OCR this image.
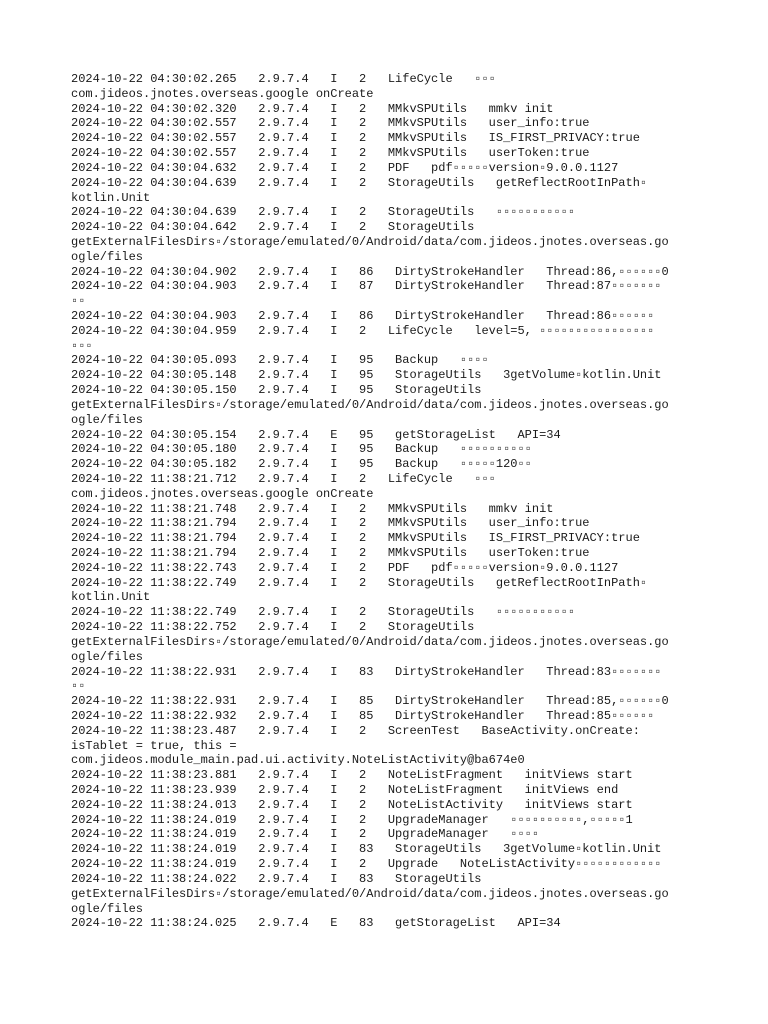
2024-10-22 04:30:02.265   2.9.7.4   I   2   LifeCycle   ▫▫▫
com.jideos.jnotes.overseas.google onCreate
2024-10-22 04:30:02.320   2.9.7.4   I   2   MMkvSPUtils   mmkv init
2024-10-22 04:30:02.557   2.9.7.4   I   2   MMkvSPUtils   user_info:true
2024-10-22 04:30:02.557   2.9.7.4   I   2   MMkvSPUtils   IS_FIRST_PRIVACY:true
2024-10-22 04:30:02.557   2.9.7.4   I   2   MMkvSPUtils   userToken:true
2024-10-22 04:30:04.632   2.9.7.4   I   2   PDF   pdf▫▫▫▫▫version▫9.0.0.1127
2024-10-22 04:30:04.639   2.9.7.4   I   2   StorageUtils   getReflectRootInPath▫
kotlin.Unit
2024-10-22 04:30:04.639   2.9.7.4   I   2   StorageUtils   ▫▫▫▫▫▫▫▫▫▫▫
2024-10-22 04:30:04.642   2.9.7.4   I   2   StorageUtils
getExternalFilesDirs▫/storage/emulated/0/Android/data/com.jideos.jnotes.overseas.go
ogle/files
2024-10-22 04:30:04.902   2.9.7.4   I   86   DirtyStrokeHandler   Thread:86,▫▫▫▫▫▫0
2024-10-22 04:30:04.903   2.9.7.4   I   87   DirtyStrokeHandler   Thread:87▫▫▫▫▫▫▫
▫▫
2024-10-22 04:30:04.903   2.9.7.4   I   86   DirtyStrokeHandler   Thread:86▫▫▫▫▫▫
2024-10-22 04:30:04.959   2.9.7.4   I   2   LifeCycle   level=5, ▫▫▫▫▫▫▫▫▫▫▫▫▫▫▫▫
▫▫▫
2024-10-22 04:30:05.093   2.9.7.4   I   95   Backup   ▫▫▫▫
2024-10-22 04:30:05.148   2.9.7.4   I   95   StorageUtils   3getVolume▫kotlin.Unit
2024-10-22 04:30:05.150   2.9.7.4   I   95   StorageUtils
getExternalFilesDirs▫/storage/emulated/0/Android/data/com.jideos.jnotes.overseas.go
ogle/files
2024-10-22 04:30:05.154   2.9.7.4   E   95   getStorageList   API=34
2024-10-22 04:30:05.180   2.9.7.4   I   95   Backup   ▫▫▫▫▫▫▫▫▫▫
2024-10-22 04:30:05.182   2.9.7.4   I   95   Backup   ▫▫▫▫▫120▫▫
2024-10-22 11:38:21.712   2.9.7.4   I   2   LifeCycle   ▫▫▫
com.jideos.jnotes.overseas.google onCreate
2024-10-22 11:38:21.748   2.9.7.4   I   2   MMkvSPUtils   mmkv init
2024-10-22 11:38:21.794   2.9.7.4   I   2   MMkvSPUtils   user_info:true
2024-10-22 11:38:21.794   2.9.7.4   I   2   MMkvSPUtils   IS_FIRST_PRIVACY:true
2024-10-22 11:38:21.794   2.9.7.4   I   2   MMkvSPUtils   userToken:true
2024-10-22 11:38:22.743   2.9.7.4   I   2   PDF   pdf▫▫▫▫▫version▫9.0.0.1127
2024-10-22 11:38:22.749   2.9.7.4   I   2   StorageUtils   getReflectRootInPath▫
kotlin.Unit
2024-10-22 11:38:22.749   2.9.7.4   I   2   StorageUtils   ▫▫▫▫▫▫▫▫▫▫▫
2024-10-22 11:38:22.752   2.9.7.4   I   2   StorageUtils
getExternalFilesDirs▫/storage/emulated/0/Android/data/com.jideos.jnotes.overseas.go
ogle/files
2024-10-22 11:38:22.931   2.9.7.4   I   83   DirtyStrokeHandler   Thread:83▫▫▫▫▫▫▫
▫▫
2024-10-22 11:38:22.931   2.9.7.4   I   85   DirtyStrokeHandler   Thread:85,▫▫▫▫▫▫0
2024-10-22 11:38:22.932   2.9.7.4   I   85   DirtyStrokeHandler   Thread:85▫▫▫▫▫▫
2024-10-22 11:38:23.487   2.9.7.4   I   2   ScreenTest   BaseActivity.onCreate:
isTablet = true, this =
com.jideos.module_main.pad.ui.activity.NoteListActivity@ba674e0
2024-10-22 11:38:23.881   2.9.7.4   I   2   NoteListFragment   initViews start
2024-10-22 11:38:23.939   2.9.7.4   I   2   NoteListFragment   initViews end
2024-10-22 11:38:24.013   2.9.7.4   I   2   NoteListActivity   initViews start
2024-10-22 11:38:24.019   2.9.7.4   I   2   UpgradeManager   ▫▫▫▫▫▫▫▫▫▫,▫▫▫▫▫1
2024-10-22 11:38:24.019   2.9.7.4   I   2   UpgradeManager   ▫▫▫▫
2024-10-22 11:38:24.019   2.9.7.4   I   83   StorageUtils   3getVolume▫kotlin.Unit
2024-10-22 11:38:24.019   2.9.7.4   I   2   Upgrade   NoteListActivity▫▫▫▫▫▫▫▫▫▫▫▫
2024-10-22 11:38:24.022   2.9.7.4   I   83   StorageUtils
getExternalFilesDirs▫/storage/emulated/0/Android/data/com.jideos.jnotes.overseas.go
ogle/files
2024-10-22 11:38:24.025   2.9.7.4   E   83   getStorageList   API=34
